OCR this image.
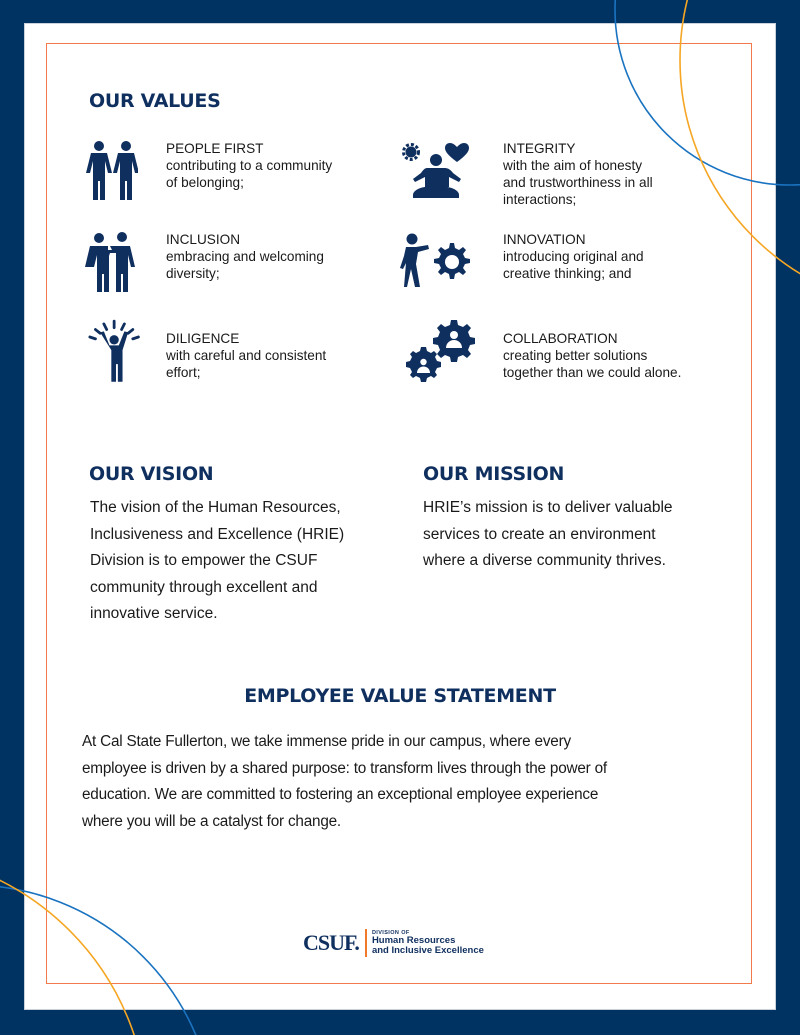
OUR VALUES
PEOPLE FIRST
contributing to a community
of belonging;
INTEGRITY
with the aim of honesty
and trustworthiness in all
interactions;
INCLUSION
embracing and welcoming
diversity;
INNOVATION
introducing original and
creative thinking; and
DILIGENCE
with careful and consistent
effort;
COLLABORATION
creating better solutions
together than we could alone.
OUR VISION
The vision of the Human Resources,
Inclusiveness and Excellence (HRIE)
Division is to empower the CSUF
community through excellent and
innovative service.
OUR MISSION
HRIE’s mission is to deliver valuable
services to create an environment
where a diverse community thrives.
EMPLOYEE VALUE STATEMENT
At Cal State Fullerton, we take immense pride in our campus, where every
employee is driven by a shared purpose: to transform lives through the power of
education. We are committed to fostering an exceptional employee experience
where you will be a catalyst for change.
CSUF. DIVISION OF
Human Resources
and Inclusive Excellence
